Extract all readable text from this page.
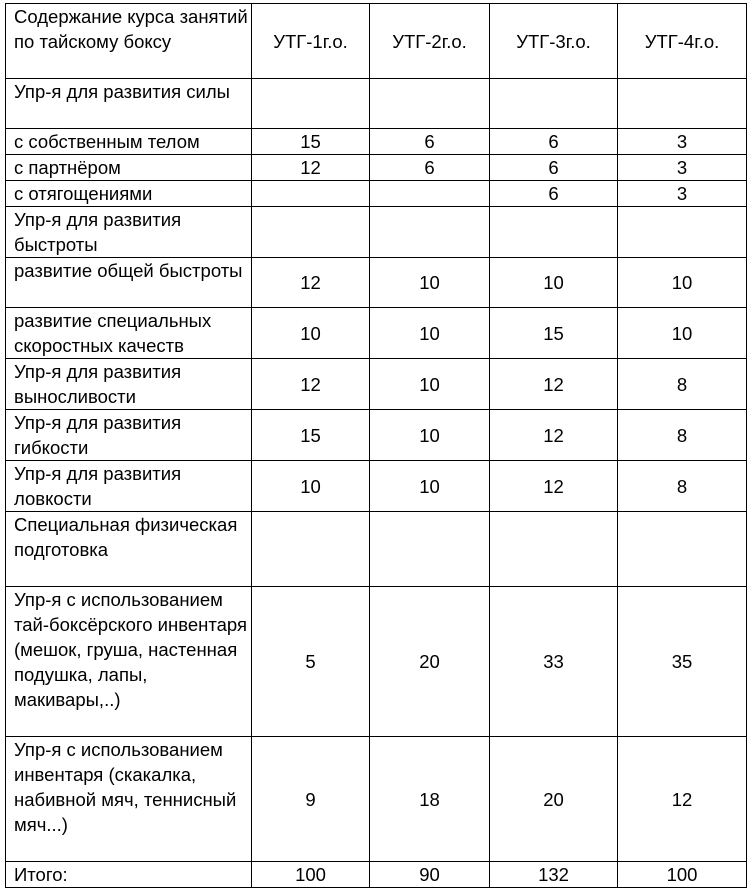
Содержание курса занятий по тайскому боксу	УТГ-1г.о.	УТГ-2г.о.	УТГ-3г.о.	УТГ-4г.о.
Упр-я для развития силы				
с собственным телом	15	6	6	3
с партнёром	12	6	6	3
с отягощениями			6	3
Упр-я для развития быстроты				
развитие общей быстроты	12	10	10	10
развитие специальных скоростных качеств	10	10	15	10
Упр-я для развития выносливости	12	10	12	8
Упр-я для развития гибкости	15	10	12	8
Упр-я для развития ловкости	10	10	12	8
Специальная физическая подготовка				
Упр-я с использованием тай-боксёрского инвентаря (мешок, груша, настенная подушка, лапы, макивары,..)	5	20	33	35
Упр-я с использованием инвентаря (скакалка, набивной мяч, теннисный мяч...)	9	18	20	12
Итого:	100	90	132	100
